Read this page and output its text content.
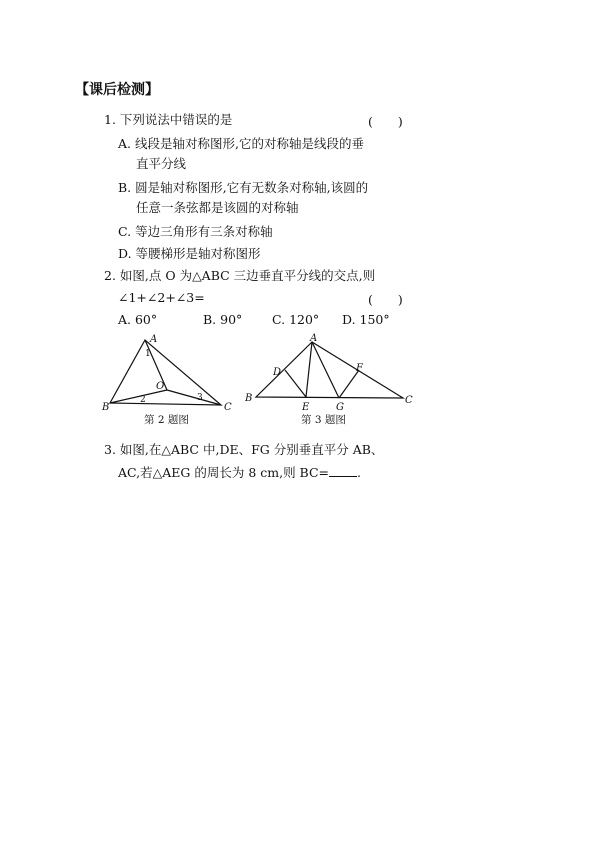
【课后检测】
1. 下列说法中错误的是	(　　)
A. 线段是轴对称图形,它的对称轴是线段的垂
直平分线
B. 圆是轴对称图形,它有无数条对称轴,该圆的
任意一条弦都是该圆的对称轴
C. 等边三角形有三条对称轴
D. 等腰梯形是轴对称图形
2. 如图,点 O 为△ABC 三边垂直平分线的交点,则
∠1+∠2+∠3=	(　　)
A. 60°	B. 90° C. 120° D. 150°
A
B	C
O
1
2	3
第 2 题图
A
B	C
D
E
F
G
第 3 题图
3. 如图,在△ABC 中,DE、FG 分别垂直平分 AB、
AC,若△AEG 的周长为 8 cm,则 BC= .
